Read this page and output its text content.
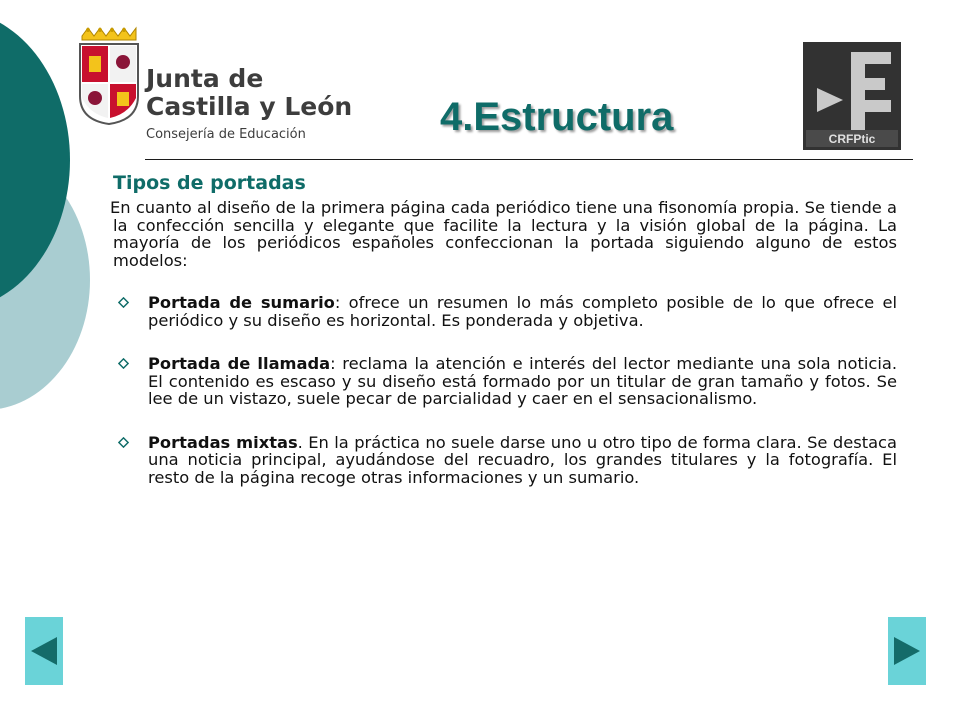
Junta de
Castilla y León
Consejería de Educación	CRFPtic
4.Estructura
Tipos de portadas

En cuanto al diseño de la primera página cada periódico tiene una fisonomía propia. Se tiende a la confección sencilla y elegante que facilite la lectura y la visión global de la página. La mayoría de los periódicos españoles confeccionan la portada siguiendo alguno de estos modelos:

Portada de sumario: ofrece un resumen lo más completo posible de lo que ofrece el periódico y su diseño es horizontal. Es ponderada y objetiva.
Portada de llamada: reclama la atención e interés del lector mediante una sola noticia. El contenido es escaso y su diseño está formado por un titular de gran tamaño y fotos. Se lee de un vistazo, suele pecar de parcialidad y caer en el sensacionalismo.
Portadas mixtas. En la práctica no suele darse uno u otro tipo de forma clara. Se destaca una noticia principal, ayudándose del recuadro, los grandes titulares y la fotografía. El resto de la página recoge otras informaciones y un sumario.
